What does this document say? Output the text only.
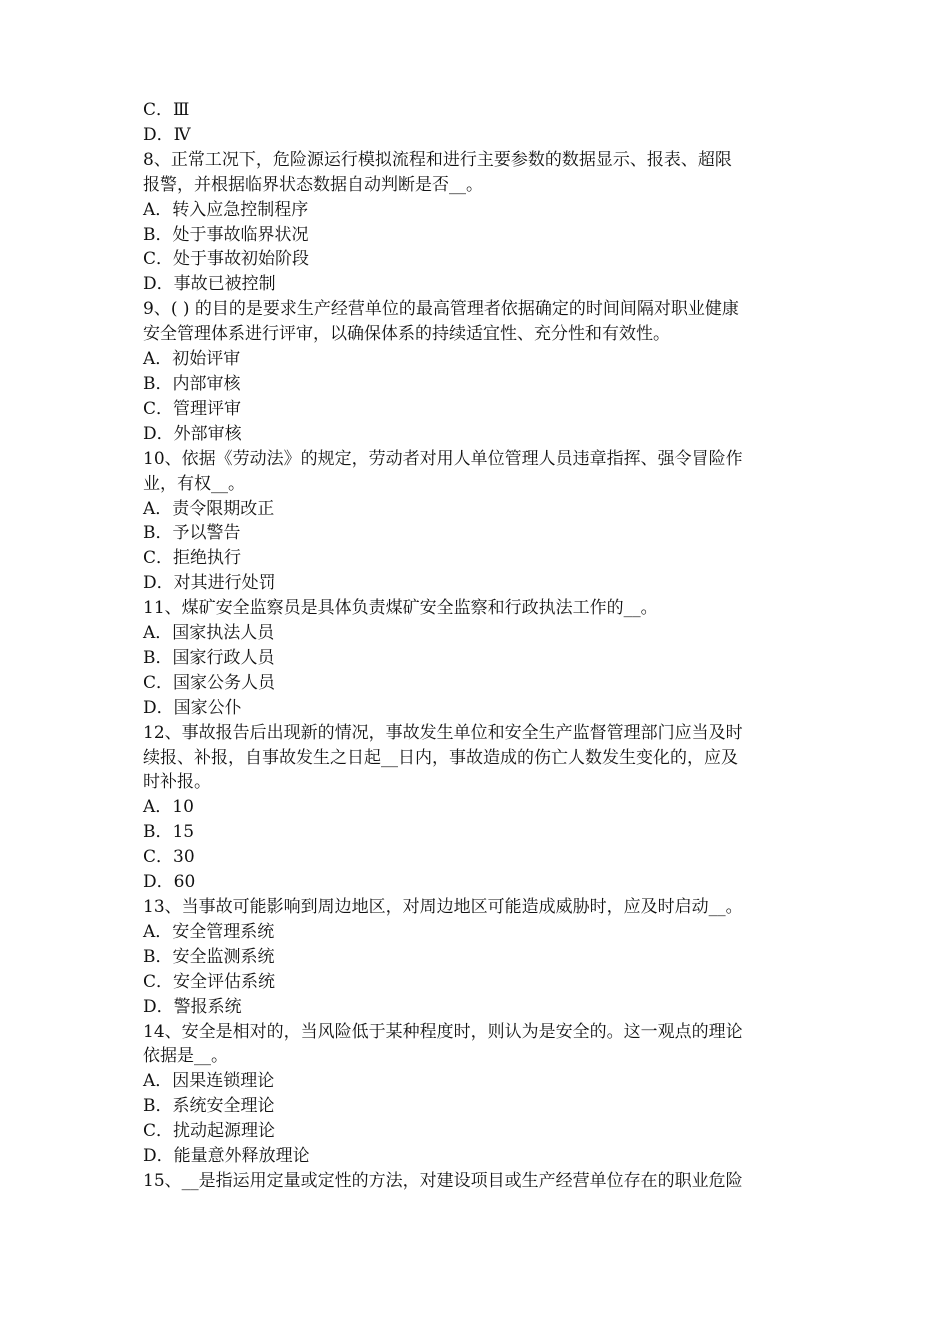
C．Ⅲ
D．Ⅳ
8、正常工况下，危险源运行模拟流程和进行主要参数的数据显示、报表、超限
报警，并根据临界状态数据自动判断是否__。
A．转入应急控制程序
B．处于事故临界状况
C．处于事故初始阶段
D．事故已被控制
9、( ) 的目的是要求生产经营单位的最高管理者依据确定的时间间隔对职业健康
安全管理体系进行评审，以确保体系的持续适宜性、充分性和有效性。
A．初始评审
B．内部审核
C．管理评审
D．外部审核
10、依据《劳动法》的规定，劳动者对用人单位管理人员违章指挥、强令冒险作
业，有权__。
A．责令限期改正
B．予以警告
C．拒绝执行
D．对其进行处罚
11、煤矿安全监察员是具体负责煤矿安全监察和行政执法工作的__。
A．国家执法人员
B．国家行政人员
C．国家公务人员
D．国家公仆
12、事故报告后出现新的情况，事故发生单位和安全生产监督管理部门应当及时
续报、补报，自事故发生之日起__日内，事故造成的伤亡人数发生变化的，应及
时补报。
A．10
B．15
C．30
D．60
13、当事故可能影响到周边地区，对周边地区可能造成威胁时，应及时启动__。
A．安全管理系统
B．安全监测系统
C．安全评估系统
D．警报系统
14、安全是相对的，当风险低于某种程度时，则认为是安全的。这一观点的理论
依据是__。
A．因果连锁理论
B．系统安全理论
C．扰动起源理论
D．能量意外释放理论
15、__是指运用定量或定性的方法，对建设项目或生产经营单位存在的职业危险
